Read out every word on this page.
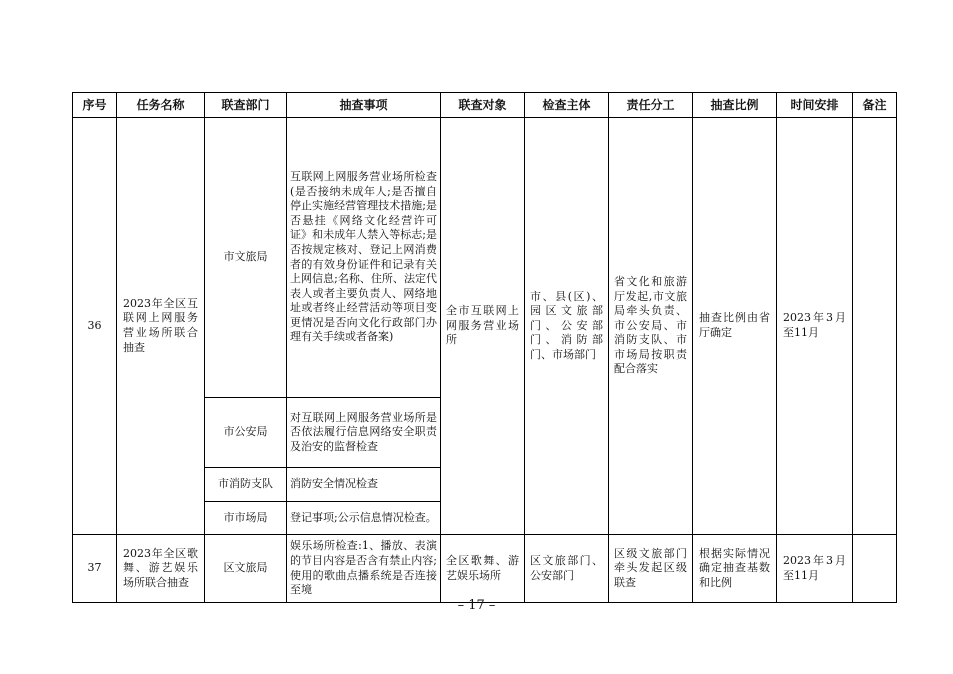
序号	任务名称	联查部门	抽查事项	联查对象	检查主体	责任分工	抽查比例	时间安排	备注
36	2023年全区互联网上网服务营业场所联合抽查	市文旅局	互联网上网服务营业场所检查(是否接纳未成年人;是否擅自停止实施经营管理技术措施;是否悬挂《网络文化经营许可证》和未成年人禁入等标志;是否按规定核对、登记上网消费者的有效身份证件和记录有关上网信息;名称、住所、法定代表人或者主要负责人、网络地址或者终止经营活动等项目变更情况是否向文化行政部门办理有关手续或者备案)	全市互联网上网服务营业场所	市、县(区)、园区文旅部门、公安部门、消防部门、市场部门	省文化和旅游厅发起,市文旅局牵头负责、市公安局、市消防支队、市市场局按职责配合落实	抽查比例由省厅确定	2023年3月至11月	
		市公安局	对互联网上网服务营业场所是否依法履行信息网络安全职责及治安的监督检查						
		市消防支队	消防安全情况检查						
		市市场局	登记事项;公示信息情况检查。						
37	2023年全区歌舞、游艺娱乐场所联合抽查	区文旅局	娱乐场所检查:1、播放、表演的节目内容是否含有禁止内容;使用的歌曲点播系统是否连接至境	全区歌舞、游艺娱乐场所	区文旅部门、公安部门	区级文旅部门牵头发起区级联查	根据实际情况确定抽查基数和比例	2023年3月至11月	
– 17 –
